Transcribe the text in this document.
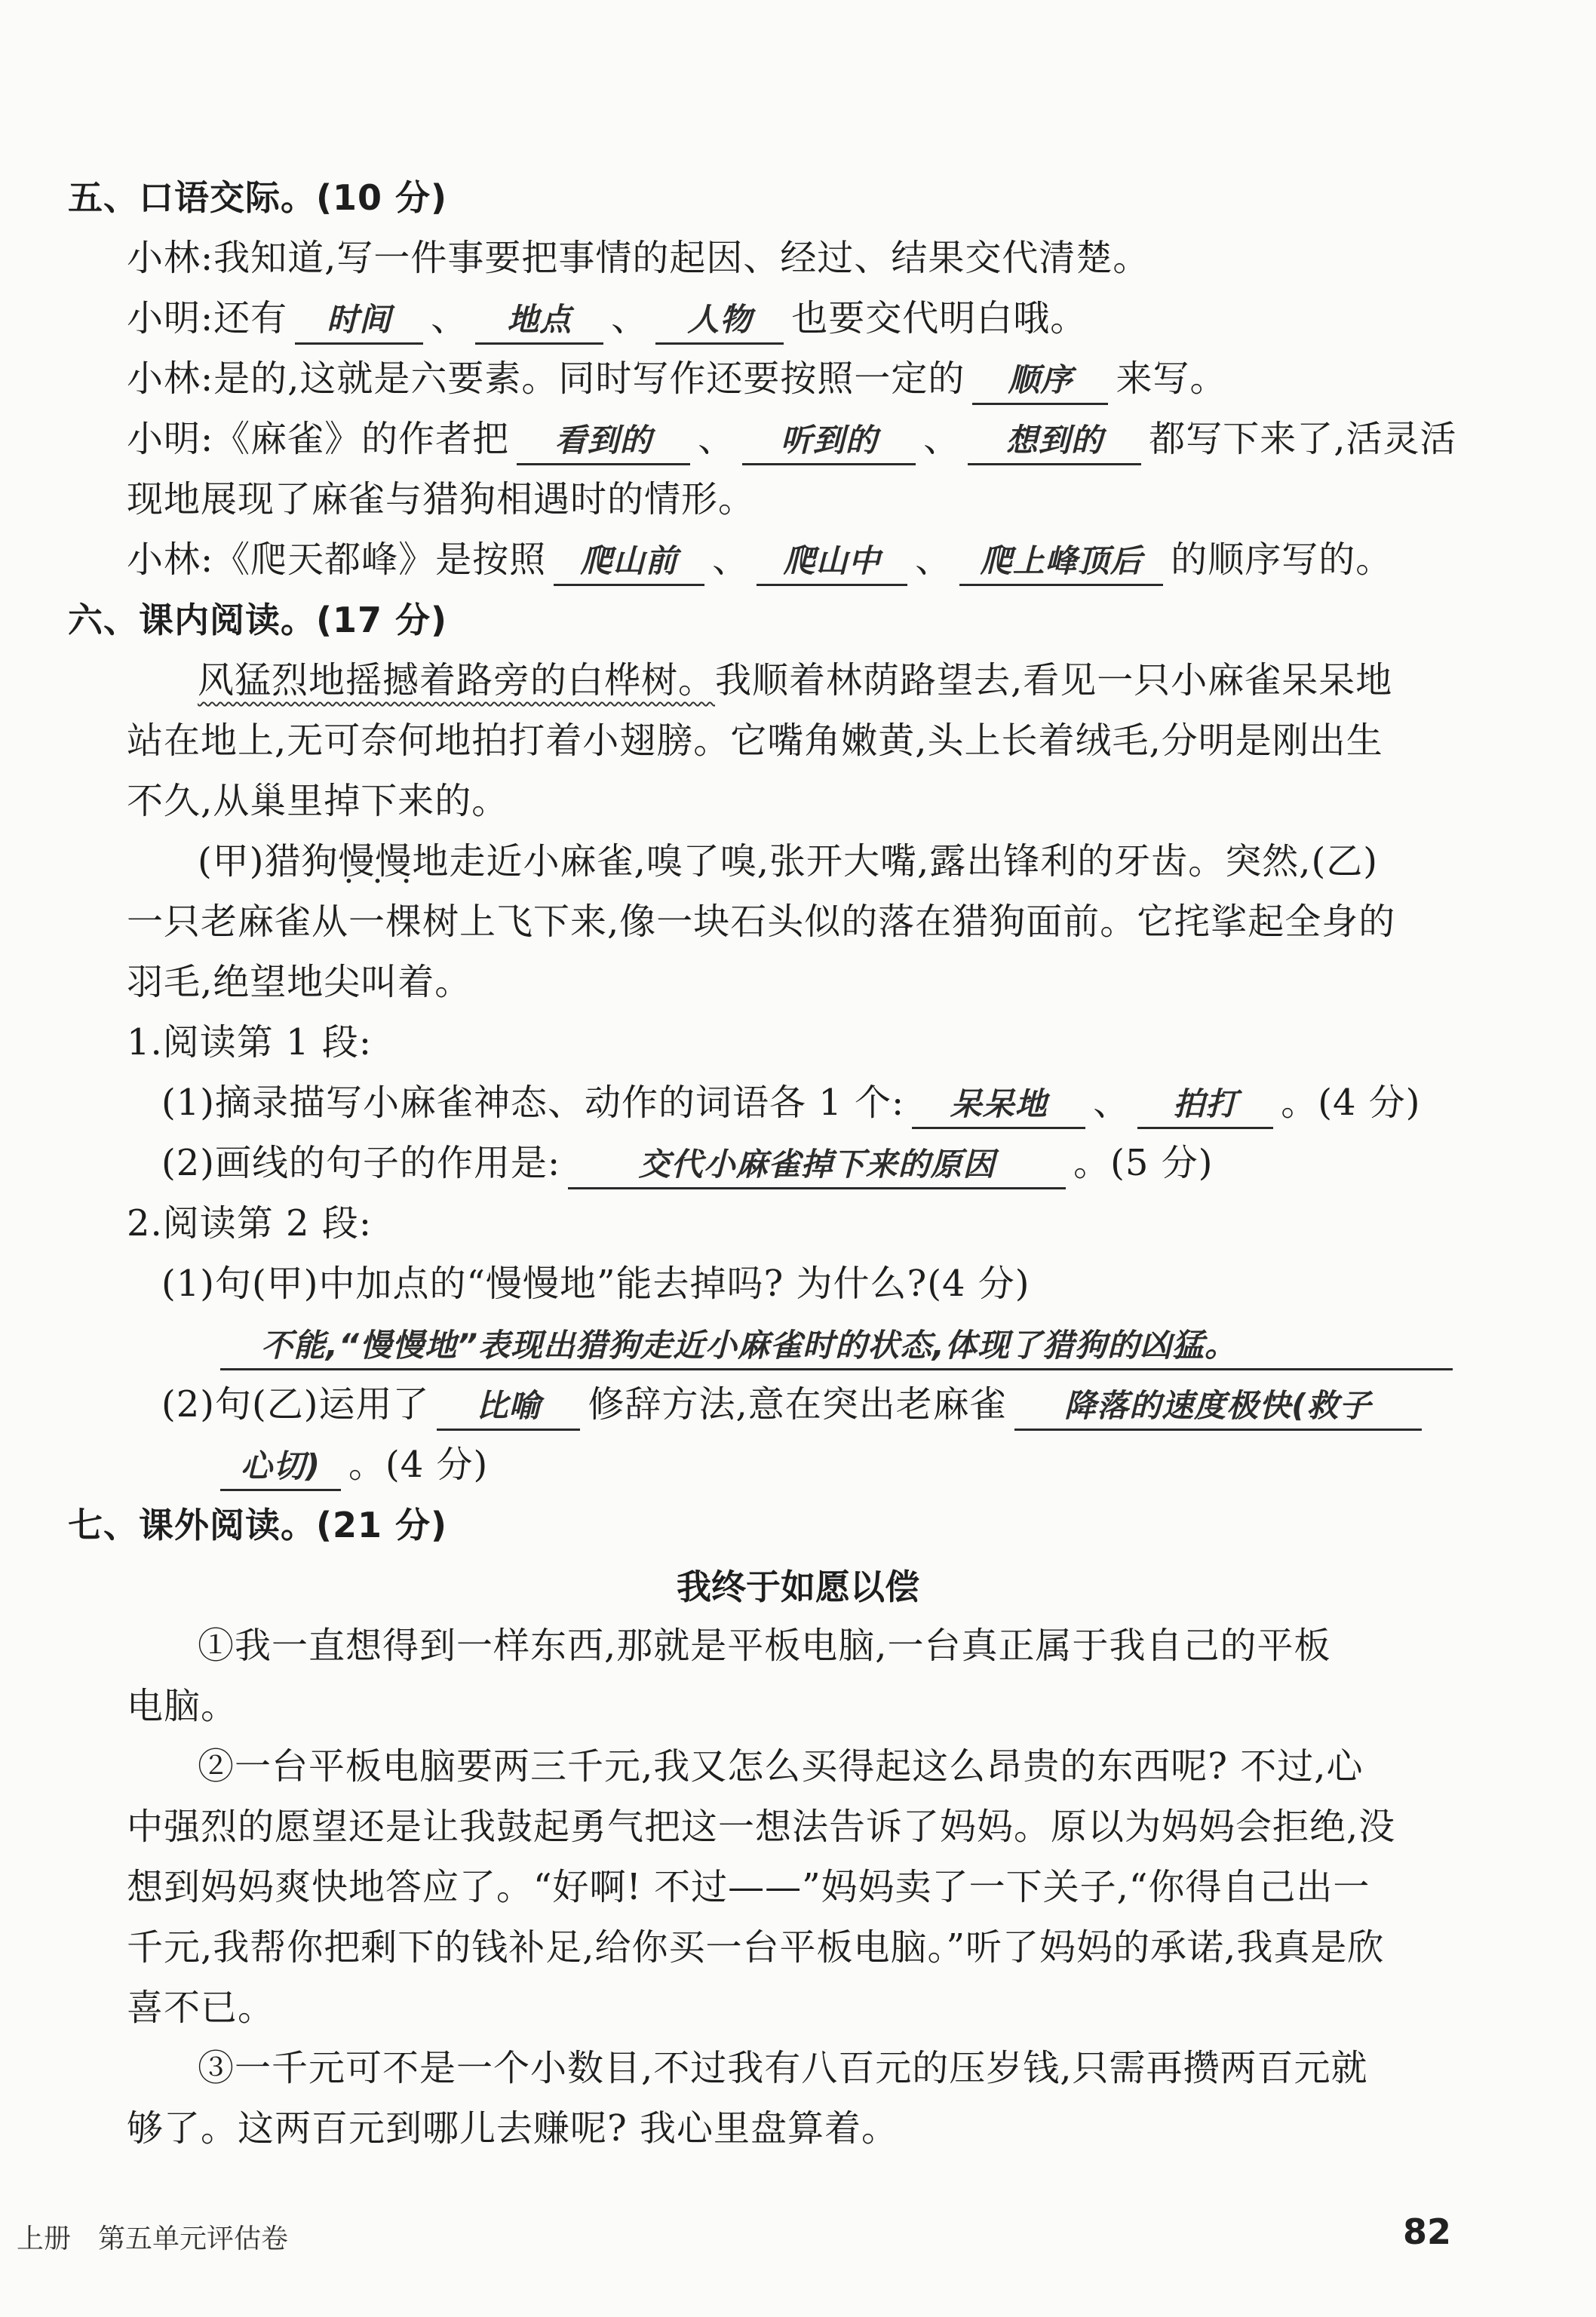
五、口语交际。(10 分)
小林:我知道,写一件事要把事情的起因、经过、结果交代清楚。
小明:还有 时间 、 地点 、 人物 也要交代明白哦。
小林:是的,这就是六要素。同时写作还要按照一定的 顺序 来写。
小明:《麻雀》的作者把 看到的 、 听到的 、 想到的 都写下来了,活灵活
现地展现了麻雀与猎狗相遇时的情形。
小林:《爬天都峰》是按照 爬山前 、 爬山中 、 爬上峰顶后 的顺序写的。
六、课内阅读。(17 分)
风猛烈地摇撼着路旁的白桦树。我顺着林荫路望去,看见一只小麻雀呆呆地
站在地上,无可奈何地拍打着小翅膀。它嘴角嫩黄,头上长着绒毛,分明是刚出生
不久,从巢里掉下来的。
(甲)猎狗慢慢地 • • •走近小麻雀,嗅了嗅,张开大嘴,露出锋利的牙齿。突然,(乙)
一只老麻雀从一棵树上飞下来,像一块石头似的落在猎狗面前。它挓挲起全身的
羽毛,绝望地尖叫着。
1.阅读第 1 段:
(1)摘录描写小麻雀神态、动作的词语各 1 个: 呆呆地 、 拍打 。(4 分)
(2)画线的句子的作用是: 交代小麻雀掉下来的原因 。(5 分)
2.阅读第 2 段:
(1)句(甲)中加点的“慢慢地”能去掉吗? 为什么?(4 分)
不能,“慢慢地”表现出猎狗走近小麻雀时的状态,体现了猎狗的凶猛。
(2)句(乙)运用了 比喻 修辞方法,意在突出老麻雀 降落的速度极快(救子
心切) 。(4 分)
七、课外阅读。(21 分)
我终于如愿以偿
①我一直想得到一样东西,那就是平板电脑,一台真正属于我自己的平板
电脑。
②一台平板电脑要两三千元,我又怎么买得起这么昂贵的东西呢? 不过,心
中强烈的愿望还是让我鼓起勇气把这一想法告诉了妈妈。原以为妈妈会拒绝,没
想到妈妈爽快地答应了。“好啊! 不过——”妈妈卖了一下关子,“你得自己出一
千元,我帮你把剩下的钱补足,给你买一台平板电脑。”听了妈妈的承诺,我真是欣
喜不已。
③一千元可不是一个小数目,不过我有八百元的压岁钱,只需再攒两百元就
够了。这两百元到哪儿去赚呢? 我心里盘算着。
上册　第五单元评估卷	82
